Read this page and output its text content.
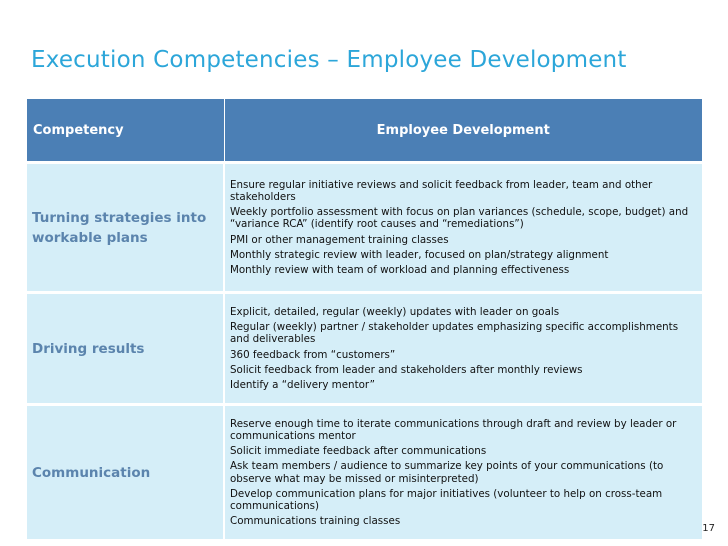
Execution Competencies – Employee Development
Competency	Employee Development
Turning strategies into workable plans	Ensure regular initiative reviews and solicit feedback from leader, team and other stakeholders
Weekly portfolio assessment with focus on plan variances (schedule, scope, budget) and “variance RCA” (identify root causes and “remediations”)
PMI or other management training classes
Monthly strategic review with leader, focused on plan/strategy alignment
Monthly review with team of workload and planning effectiveness

Driving results	Explicit, detailed, regular (weekly) updates with leader on goals
Regular (weekly) partner / stakeholder updates emphasizing specific accomplishments and deliverables
360 feedback from “customers”
Solicit feedback from leader and stakeholders after monthly reviews
Identify a “delivery mentor”

Communication	Reserve enough time to iterate communications through draft and review by leader or communications mentor
Solicit immediate feedback after communications
Ask team members / audience to summarize key points of your communications (to observe what may be missed or misinterpreted)
Develop communication plans for major initiatives (volunteer to help on cross-team communications)
Communications training classes
17
